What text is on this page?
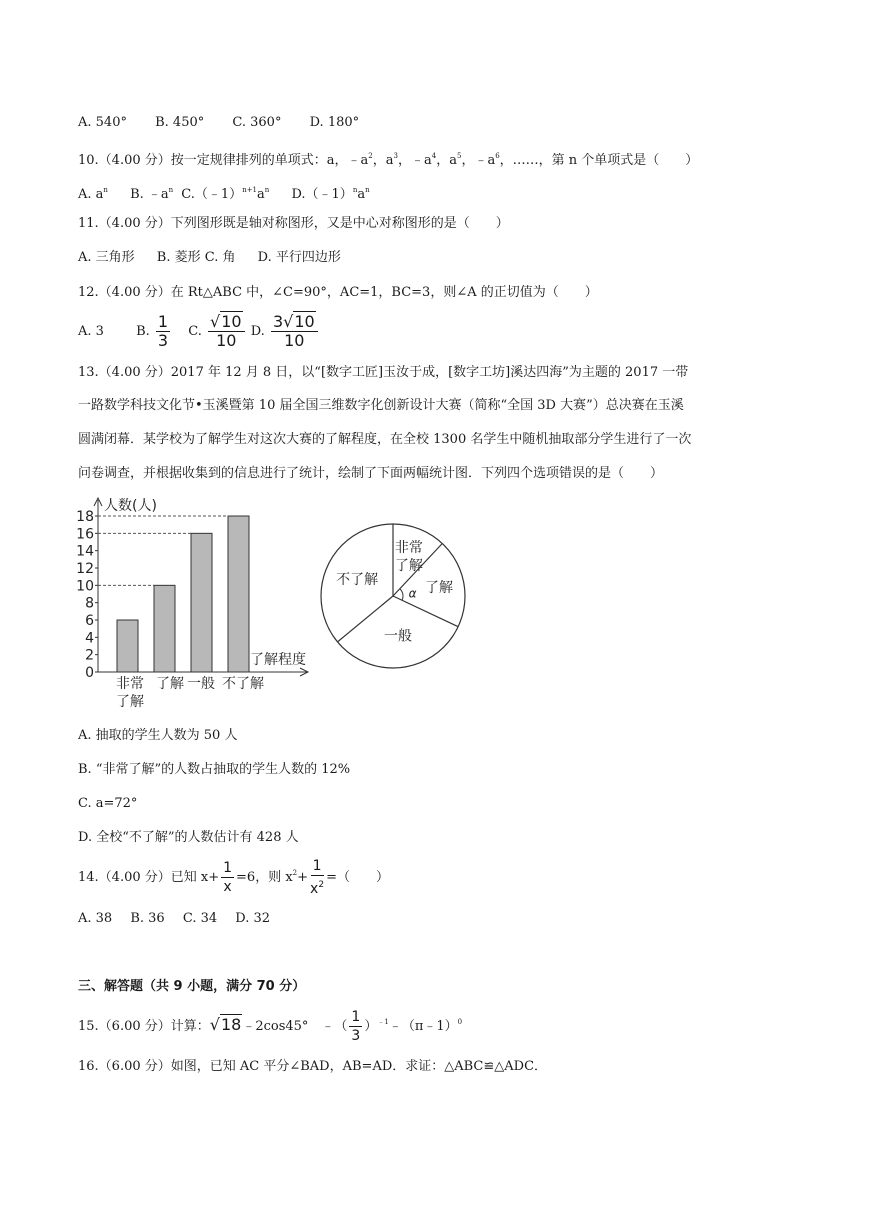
A. 540° B. 450° C. 360° D. 180°
10.（4.00 分）按一定规律排列的单项式：a，$﹣a^2$，$a^3$，$﹣a^4$，$a^5$，$﹣a^6$，……，第 n 个单项式是（　　）
A. $a^n$ B. $﹣a^n$ $C.(﹣1)^{n+1}a^n$ $D.(﹣1)^na^n$
11.（4.00 分）下列图形既是轴对称图形，又是中心对称图形的是（　　）
A. 三角形 B. 菱形 C. 角 D. 平行四边形
12.（4.00 分）在 Rt△ABC 中，∠C=90°，AC=1，BC=3，则∠A 的正切值为（　　）
A. 3 B. $\frac{1}{3} C$. $\frac{√10}{10} D$. $\frac{3√10}{10}$
13.（4.00 分）2017 年 12 月 8 日，以“[数字工匠]玉汝于成，[数字工坊]溪达四海”为主题的 2017 一带
一路数学科技文化节•玉溪暨第 10 届全国三维数字化创新设计大赛（简称“全国 3D 大赛”）总决赛在玉溪
圆满闭幕．某学校为了解学生对这次大赛的了解程度，在全校 1300 名学生中随机抽取部分学生进行了一次
问卷调查，并根据收集到的信息进行了统计，绘制了下面两幅统计图．下列四个选项错误的是（　　）
0
2
4
6
8
10
12
14
16
18
人数(人)
了解程度
非常
了解
了解 一般 不了解
非常
了解
了解
一般
不了解
α
A. 抽取的学生人数为 50 人
B. “非常了解”的人数占抽取的学生人数的 12%
C. a=72°
D. 全校“不了解”的人数估计有 428 人
14.（4.00 分）已知 $x+ \frac{1}{x} =6$，则 $x^2+ \frac{1}{x^2}$ =（　　）
A. 38 B. 36 C. 34 D. 32
三、解答题（共 9 小题，满分 70 分）
15.（6.00 分）计算：√18﹣2cos45°　﹣（ $\frac{1}{3}$ ）$^{﹣1}$﹣（π﹣1）$^0$
16.（6.00 分）如图，已知 AC 平分∠BAD，AB=AD．求证：△ABC≌△ADC．
